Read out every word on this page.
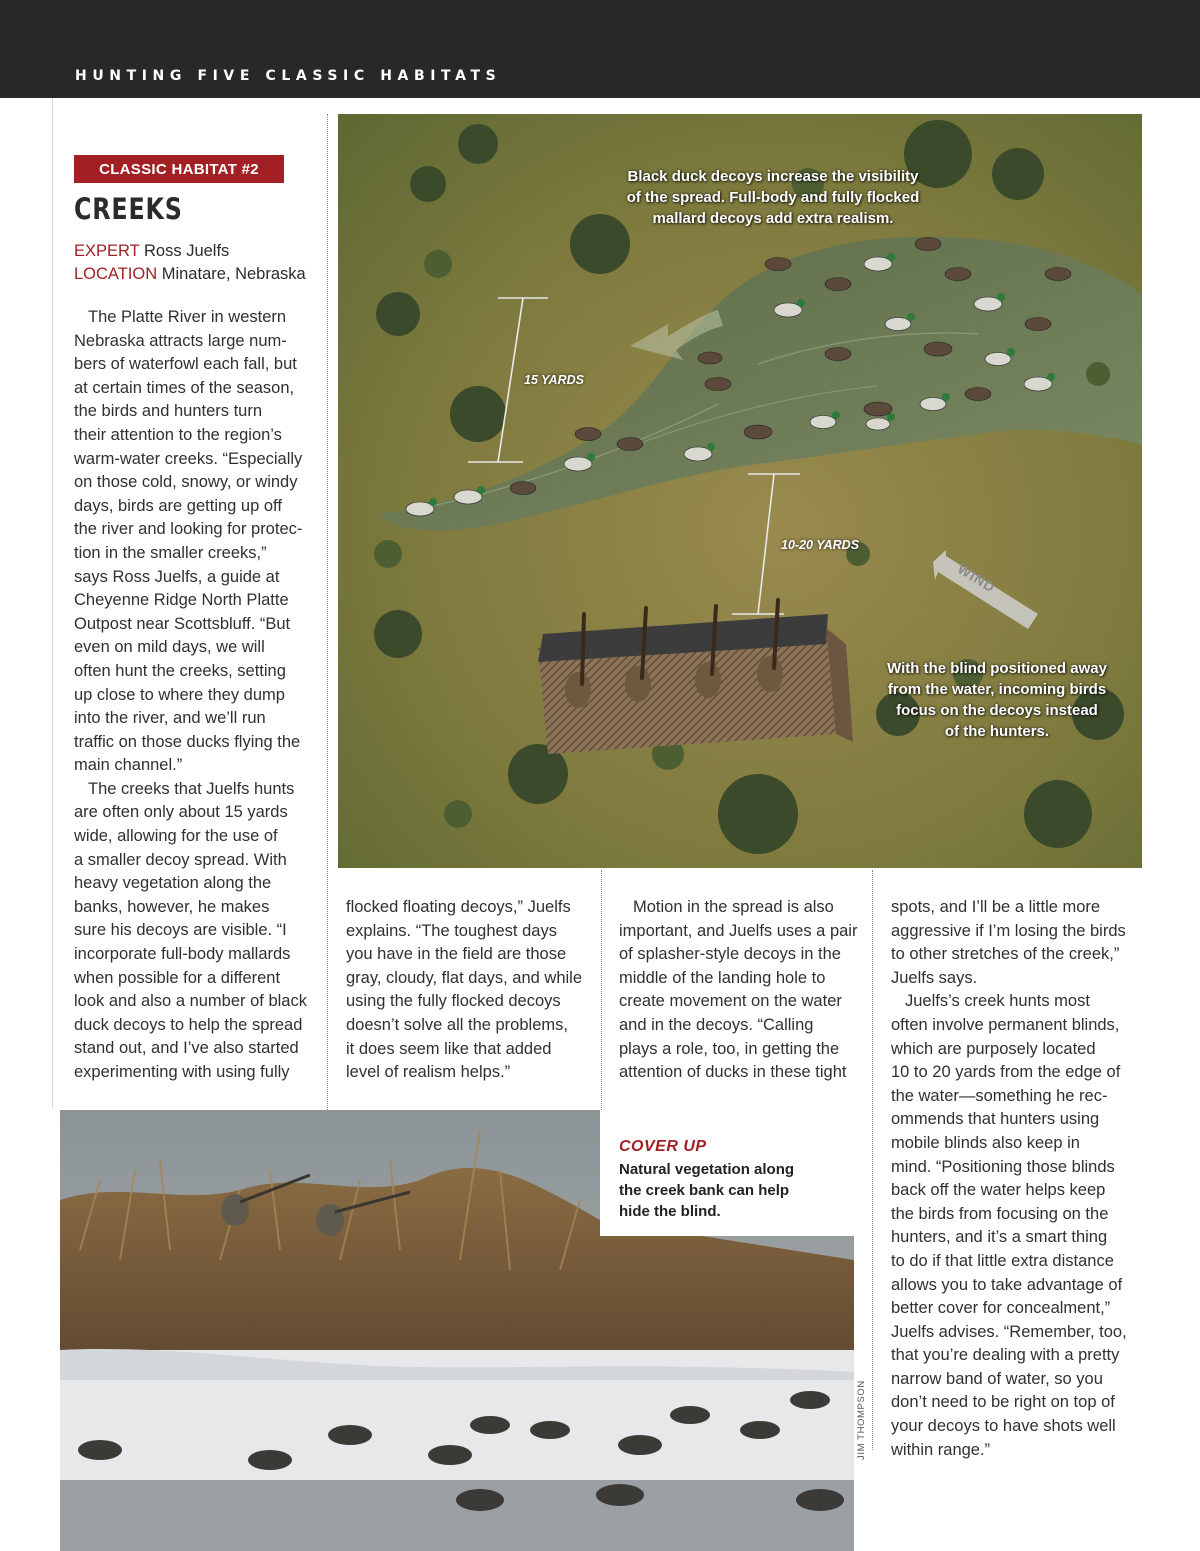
HUNTING FIVE CLASSIC HABITATS
CLASSIC HABITAT #2
CREEKS
EXPERT Ross Juelfs
LOCATION Minatare, Nebraska
The Platte River in western
Nebraska attracts large num-
bers of waterfowl each fall, but
at certain times of the season,
the birds and hunters turn
their attention to the region’s
warm-water creeks. “Especially
on those cold, snowy, or windy
days, birds are getting up off
the river and looking for protec-
tion in the smaller creeks,”
says Ross Juelfs, a guide at
Cheyenne Ridge North Platte
Outpost near Scottsbluff. “But
even on mild days, we will
often hunt the creeks, setting
up close to where they dump
into the river, and we’ll run
traffic on those ducks flying the
main channel.”
The creeks that Juelfs hunts
are often only about 15 yards
wide, allowing for the use of
a smaller decoy spread. With
heavy vegetation along the
banks, however, he makes
sure his decoys are visible. “I
incorporate full-body mallards
when possible for a different
look and also a number of black
duck decoys to help the spread
stand out, and I’ve also started
experimenting with using fully
flocked floating decoys,” Juelfs
explains. “The toughest days
you have in the field are those
gray, cloudy, flat days, and while
using the fully flocked decoys
doesn’t solve all the problems,
it does seem like that added
level of realism helps.”
Motion in the spread is also
important, and Juelfs uses a pair
of splasher-style decoys in the
middle of the landing hole to
create movement on the water
and in the decoys. “Calling
plays a role, too, in getting the
attention of ducks in these tight
spots, and I’ll be a little more
aggressive if I’m losing the birds
to other stretches of the creek,”
Juelfs says.
Juelfs’s creek hunts most
often involve permanent blinds,
which are purposely located
10 to 20 yards from the edge of
the water—something he rec-
ommends that hunters using
mobile blinds also keep in
mind. “Positioning those blinds
back off the water helps keep
the birds from focusing on the
hunters, and it’s a smart thing
to do if that little extra distance
allows you to take advantage of
better cover for concealment,”
Juelfs advises. “Remember, too,
that you’re dealing with a pretty
narrow band of water, so you
don’t need to be right on top of
your decoys to have shots well
within range.”
Black duck decoys increase the visibility
of the spread. Full-body and fully flocked
mallard decoys add extra realism.
With the blind positioned away
from the water, incoming birds
focus on the decoys instead
of the hunters.
15 YARDS
10-20 YARDS
WIND
COVER UP
Natural vegetation along
the creek bank can help
hide the blind.
JIM THOMPSON
